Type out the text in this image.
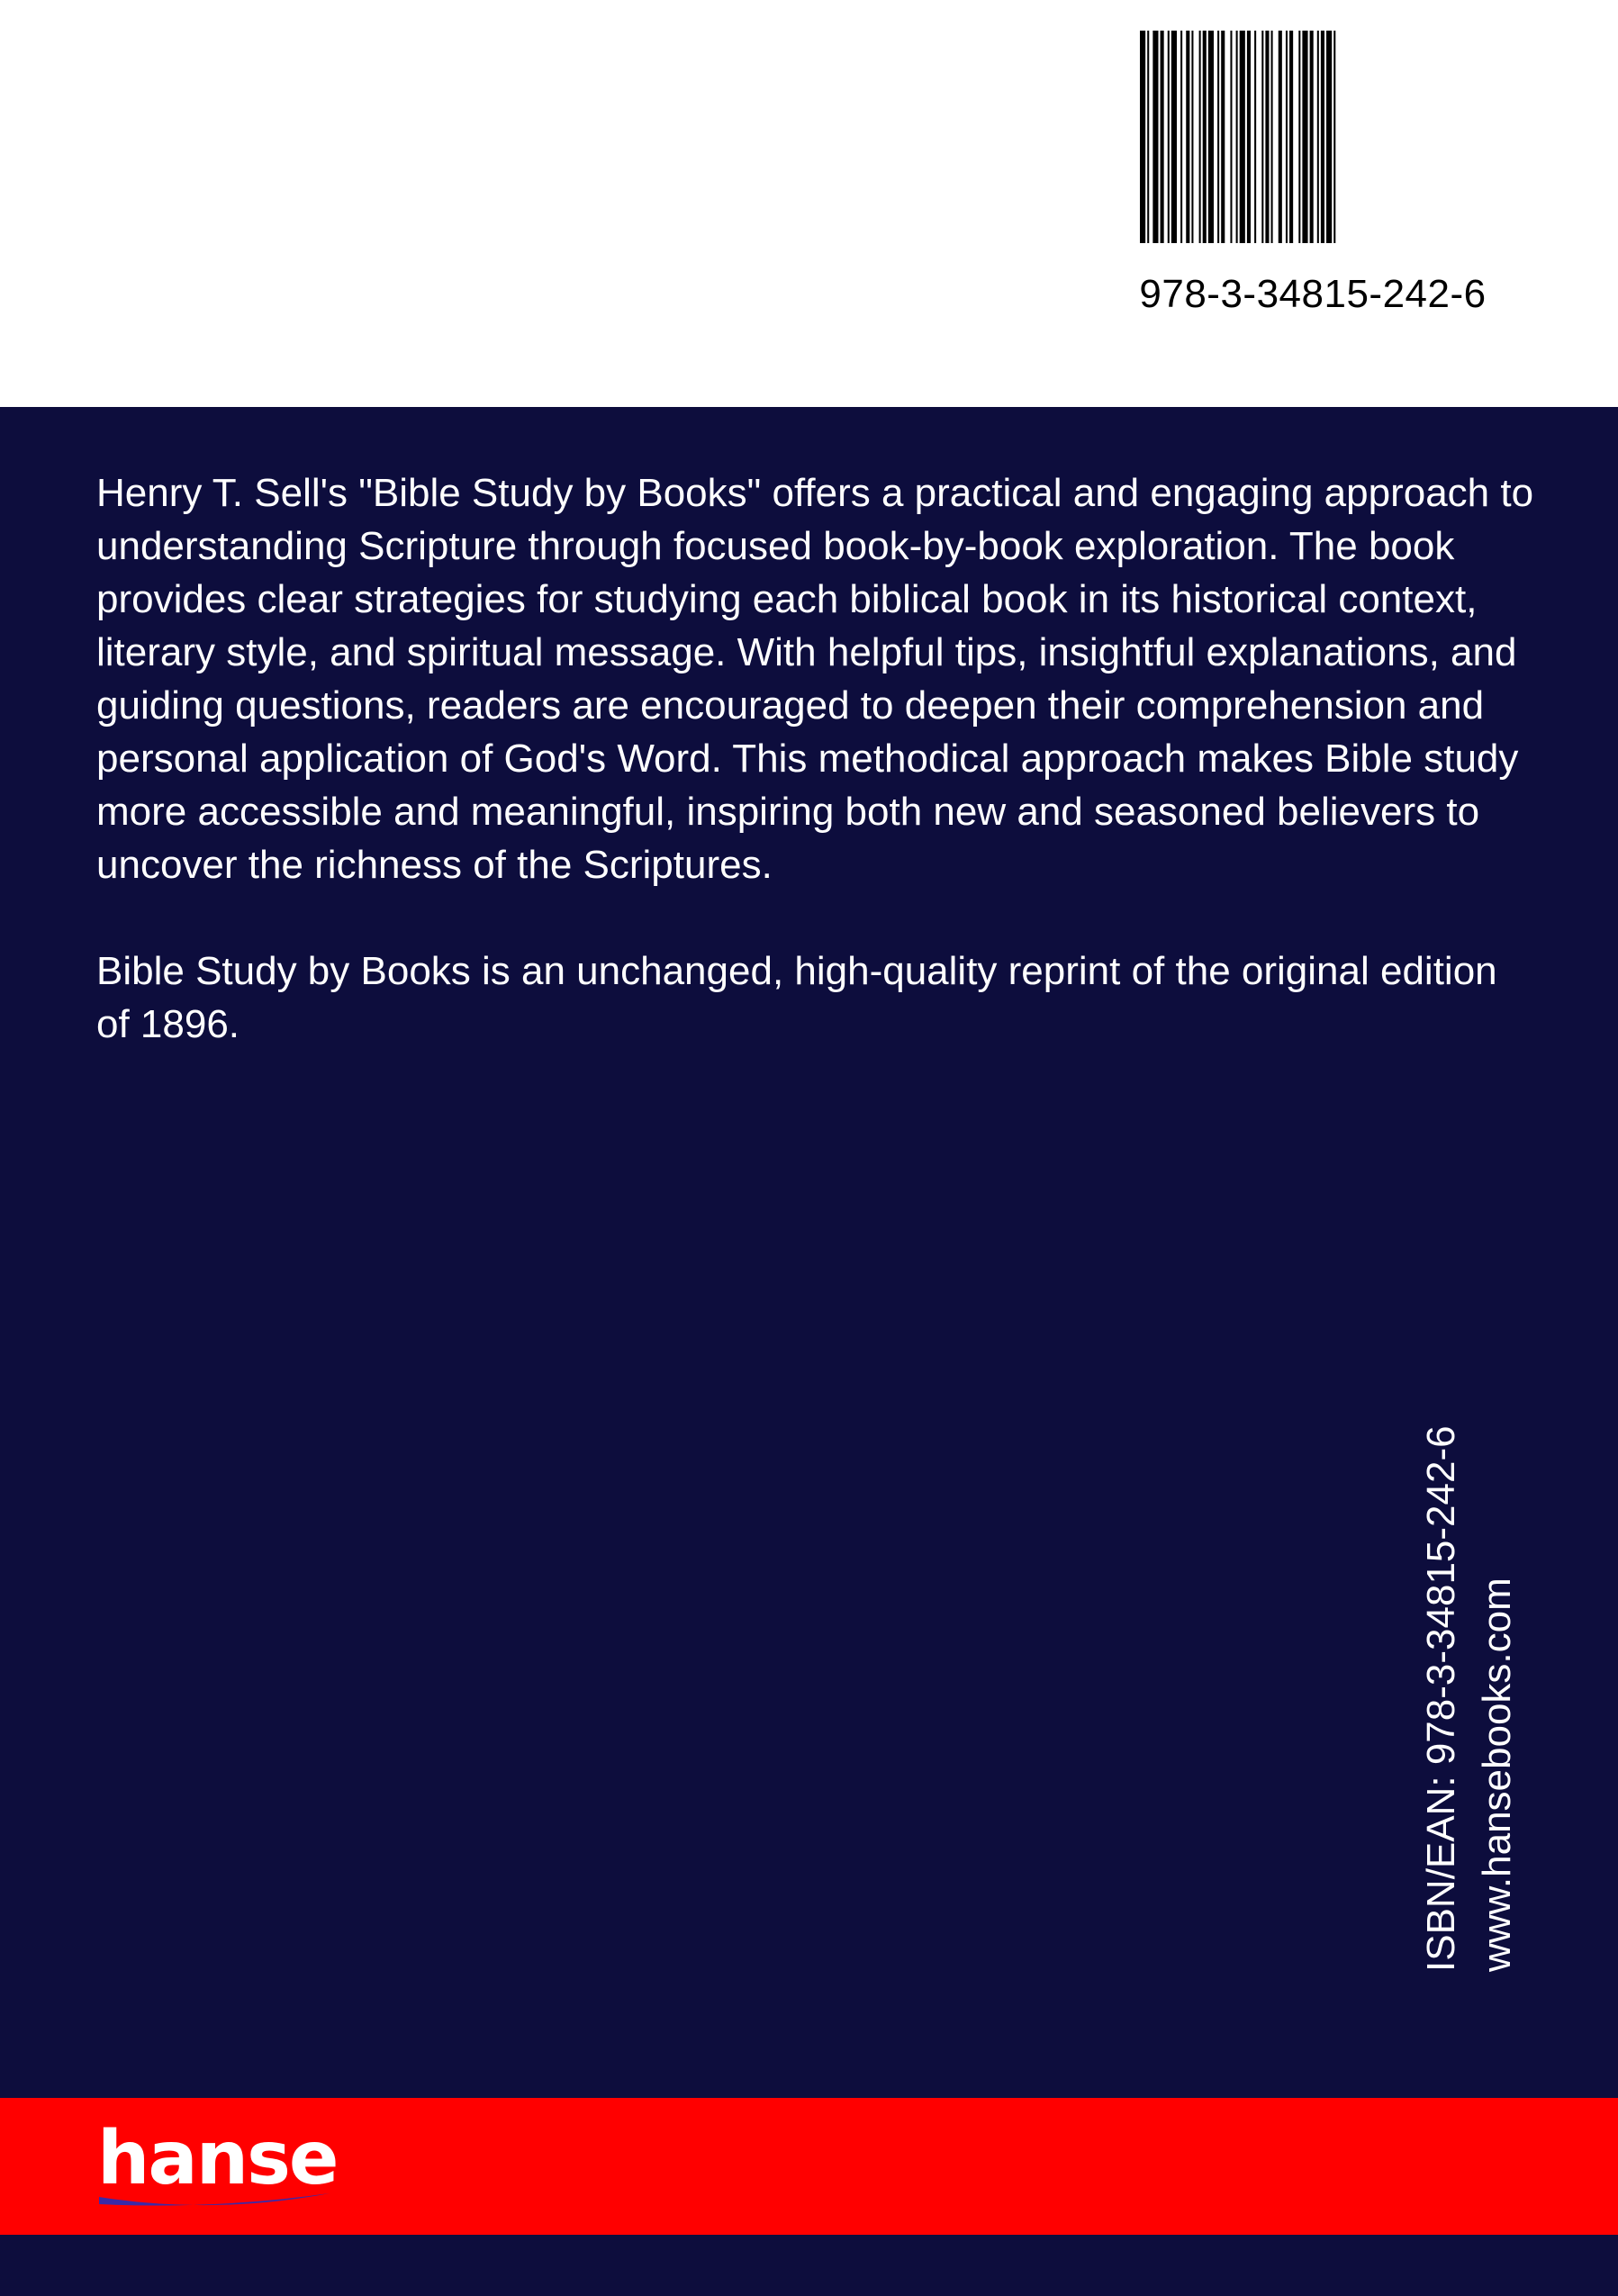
978-3-34815-242-6

Henry T. Sell's "Bible Study by Books" offers a practical and engaging approach to understanding Scripture through focused book-by-book exploration. The book provides clear strategies for studying each biblical book in its historical context, literary style, and spiritual message. With helpful tips, insightful explanations, and guiding questions, readers are encouraged to deepen their comprehension and personal application of God's Word. This methodical approach makes Bible study more accessible and meaningful, inspiring both new and seasoned believers to uncover the richness of the Scriptures.

Bible Study by Books is an unchanged, high-quality reprint of the original edition of 1896.

ISBN/EAN: 978-3-34815-242-6 www.hansebooks.com
hanse
